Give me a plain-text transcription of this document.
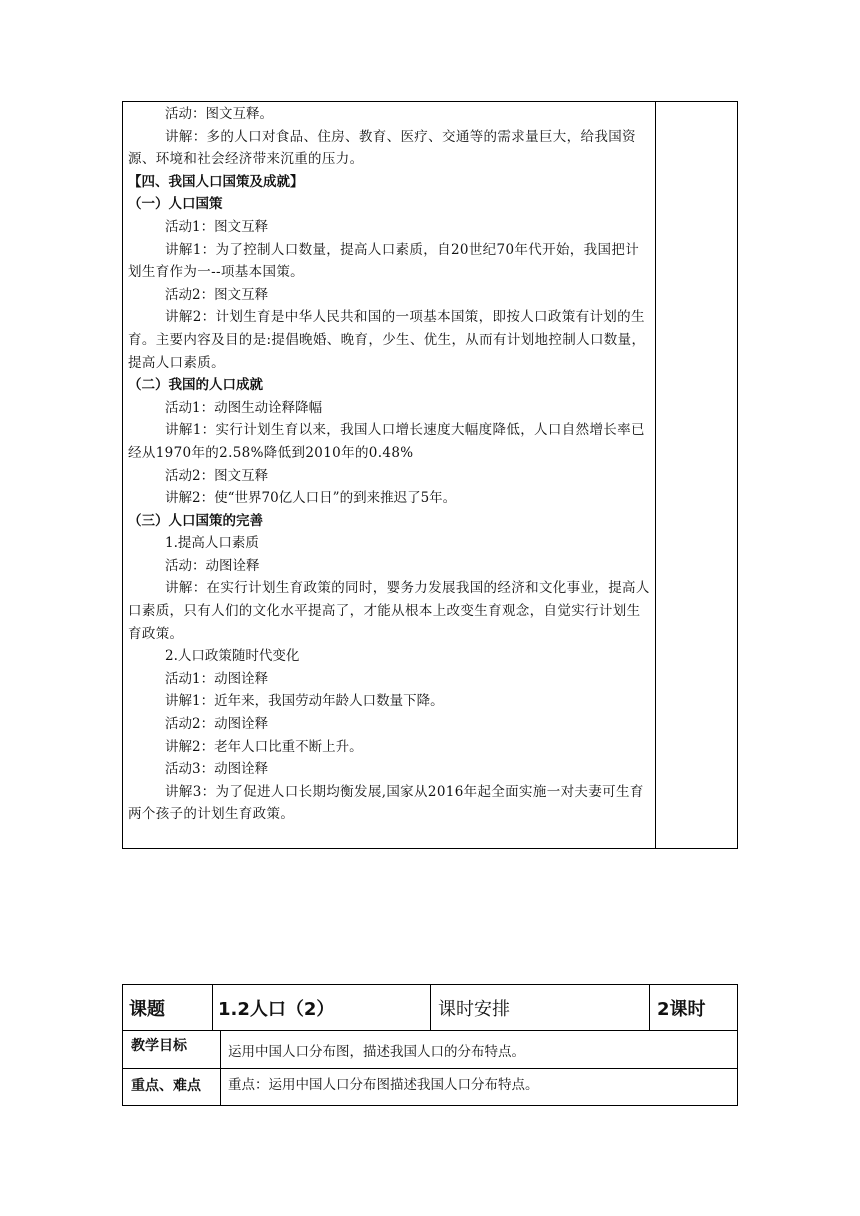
活动：图文互释。

讲解：多的人口对食品、住房、教育、医疗、交通等的需求量巨大，给我国资源、环境和社会经济带来沉重的压力。

【四、我国人口国策及成就】

（一）人口国策

活动1：图文互释

讲解1：为了控制人口数量，提高人口素质，自20世纪70年代开始，我国把计划生育作为一--项基本国策。

活动2：图文互释

讲解2：计划生育是中华人民共和国的一项基本国策，即按人口政策有计划的生育。主要内容及目的是:提倡晚婚、晚育，少生、优生，从而有计划地控制人口数量，提高人口素质。

（二）我国的人口成就

活动1：动图生动诠释降幅

讲解1：实行计划生育以来，我国人口增长速度大幅度降低，人口自然增长率已经从1970年的2.58%降低到2010年的0.48%

活动2：图文互释

讲解2：使“世界70亿人口日”的到来推迟了5年。

（三）人口国策的完善

1.提高人口素质

活动：动图诠释

讲解：在实行计划生育政策的同时，婴务力发展我国的经济和文化事业，提高人口素质，只有人们的文化水平提高了，才能从根本上改变生育观念，自觉实行计划生育政策。

2.人口政策随时代变化

活动1：动图诠释

讲解1：近年来，我国劳动年龄人口数量下降。

活动2：动图诠释

讲解2：老年人口比重不断上升。

活动3：动图诠释

讲解3：为了促进人口长期均衡发展,国家从2016年起全面实施一对夫妻可生育两个孩子的计划生育政策。

课题	1.2人口（2）	课时安排	2课时
教学目标	运用中国人口分布图，描述我国人口的分布特点。
重点、难点 重点：运用中国人口分布图描述我国人口分布特点。
